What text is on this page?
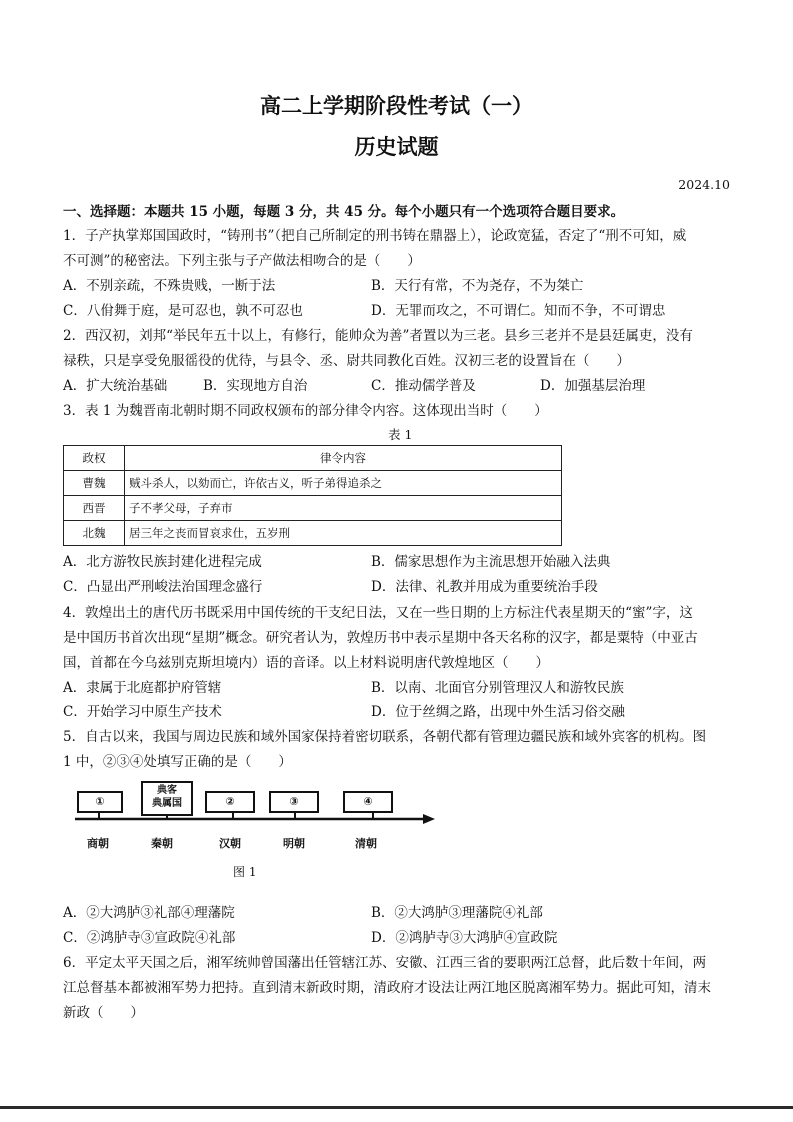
高二上学期阶段性考试（一）
历史试题
2024.10
一、选择题：本题共 15 小题，每题 3 分，共 45 分。每个小题只有一个选项符合题目要求。
1．子产执掌郑国国政时，“铸刑书”（把自己所制定的刑书铸在鼎器上），论政宽猛，否定了“刑不可知，威
不可测”的秘密法。下列主张与子产做法相吻合的是（　　）
A．不别亲疏，不殊贵贱，一断于法	B．天行有常，不为尧存，不为桀亡
C．八佾舞于庭，是可忍也，孰不可忍也	D．无罪而攻之，不可谓仁。知而不争，不可谓忠
2．西汉初，刘邦“举民年五十以上，有修行，能帅众为善”者置以为三老。县乡三老并不是县廷属吏，没有
禄秩，只是享受免服徭役的优待，与县令、丞、尉共同教化百姓。汉初三老的设置旨在（　　）
A．扩大统治基础	B．实现地方自治	C．推动儒学普及	D．加强基层治理
3．表 1 为魏晋南北朝时期不同政权颁布的部分律令内容。这体现出当时（　　）
表 1
政权	律令内容
曹魏	贼斗杀人，以劾而亡，许依古义，听子弟得追杀之
西晋	子不孝父母，子弃市
北魏	居三年之丧而冒哀求仕，五岁刑
A．北方游牧民族封建化进程完成	B．儒家思想作为主流思想开始融入法典
C．凸显出严刑峻法治国理念盛行	D．法律、礼教并用成为重要统治手段
4．敦煌出土的唐代历书既采用中国传统的干支纪日法，又在一些日期的上方标注代表星期天的“蜜”字，这
是中国历书首次出现“星期”概念。研究者认为，敦煌历书中表示星期中各天名称的汉字，都是粟特（中亚古
国，首都在今乌兹别克斯坦境内）语的音译。以上材料说明唐代敦煌地区（　　）
A．隶属于北庭都护府管辖	B．以南、北面官分别管理汉人和游牧民族
C．开始学习中原生产技术	D．位于丝绸之路，出现中外生活习俗交融
5．自古以来，我国与周边民族和域外国家保持着密切联系，各朝代都有管理边疆民族和域外宾客的机构。图
1 中，②③④处填写正确的是（　　）
①
典客
典属国	②	③	④
商朝	秦朝	汉朝	明朝	清朝
图 1
A．②大鸿胪③礼部④理藩院	B．②大鸿胪③理藩院④礼部
C．②鸿胪寺③宣政院④礼部	D．②鸿胪寺③大鸿胪④宣政院
6．平定太平天国之后，湘军统帅曾国藩出任管辖江苏、安徽、江西三省的要职两江总督，此后数十年间，两
江总督基本都被湘军势力把持。直到清末新政时期，清政府才设法让两江地区脱离湘军势力。据此可知，清末
新政（　　）
